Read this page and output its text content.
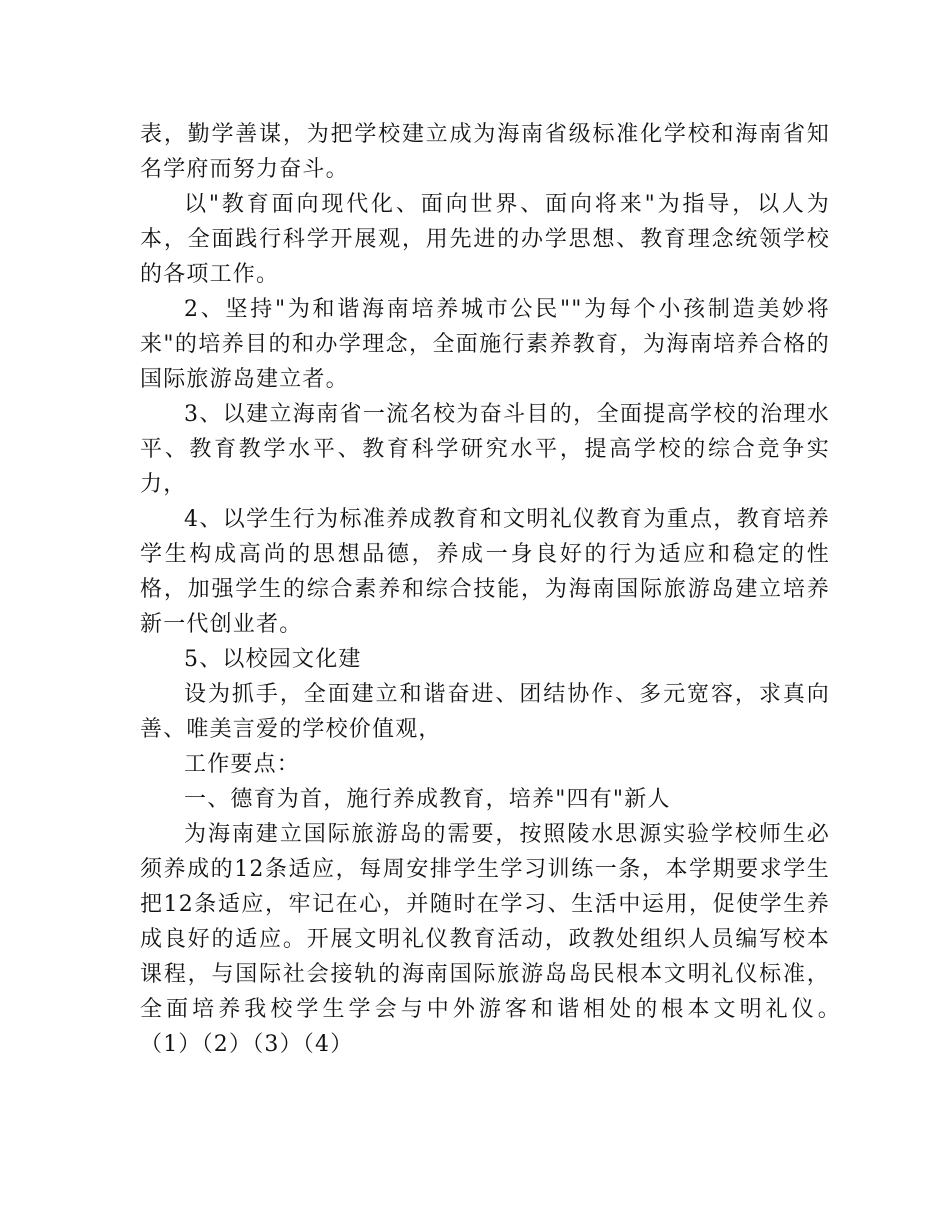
表，勤学善谋，为把学校建立成为海南省级标准化学校和海南省知名学府而努力奋斗。

以"教育面向现代化、面向世界、面向将来"为指导，以人为本，全面践行科学开展观，用先进的办学思想、教育理念统领学校的各项工作。

2、坚持"为和谐海南培养城市公民""为每个小孩制造美妙将来"的培养目的和办学理念，全面施行素养教育，为海南培养合格的国际旅游岛建立者。

3、以建立海南省一流名校为奋斗目的，全面提高学校的治理水平、教育教学水平、教育科学研究水平，提高学校的综合竞争实力，

4、以学生行为标准养成教育和文明礼仪教育为重点，教育培养学生构成高尚的思想品德，养成一身良好的行为适应和稳定的性格，加强学生的综合素养和综合技能，为海南国际旅游岛建立培养新一代创业者。

5、以校园文化建

设为抓手，全面建立和谐奋进、团结协作、多元宽容，求真向善、唯美言爱的学校价值观，

工作要点：

一、德育为首，施行养成教育，培养"四有"新人

为海南建立国际旅游岛的需要，按照陵水思源实验学校师生必须养成的12条适应，每周安排学生学习训练一条，本学期要求学生把12条适应，牢记在心，并随时在学习、生活中运用，促使学生养成良好的适应。开展文明礼仪教育活动，政教处组织人员编写校本课程，与国际社会接轨的海南国际旅游岛岛民根本文明礼仪标准，全面培养我校学生学会与中外游客和谐相处的根本文明礼仪。　　（1）（2）（3）（4）
